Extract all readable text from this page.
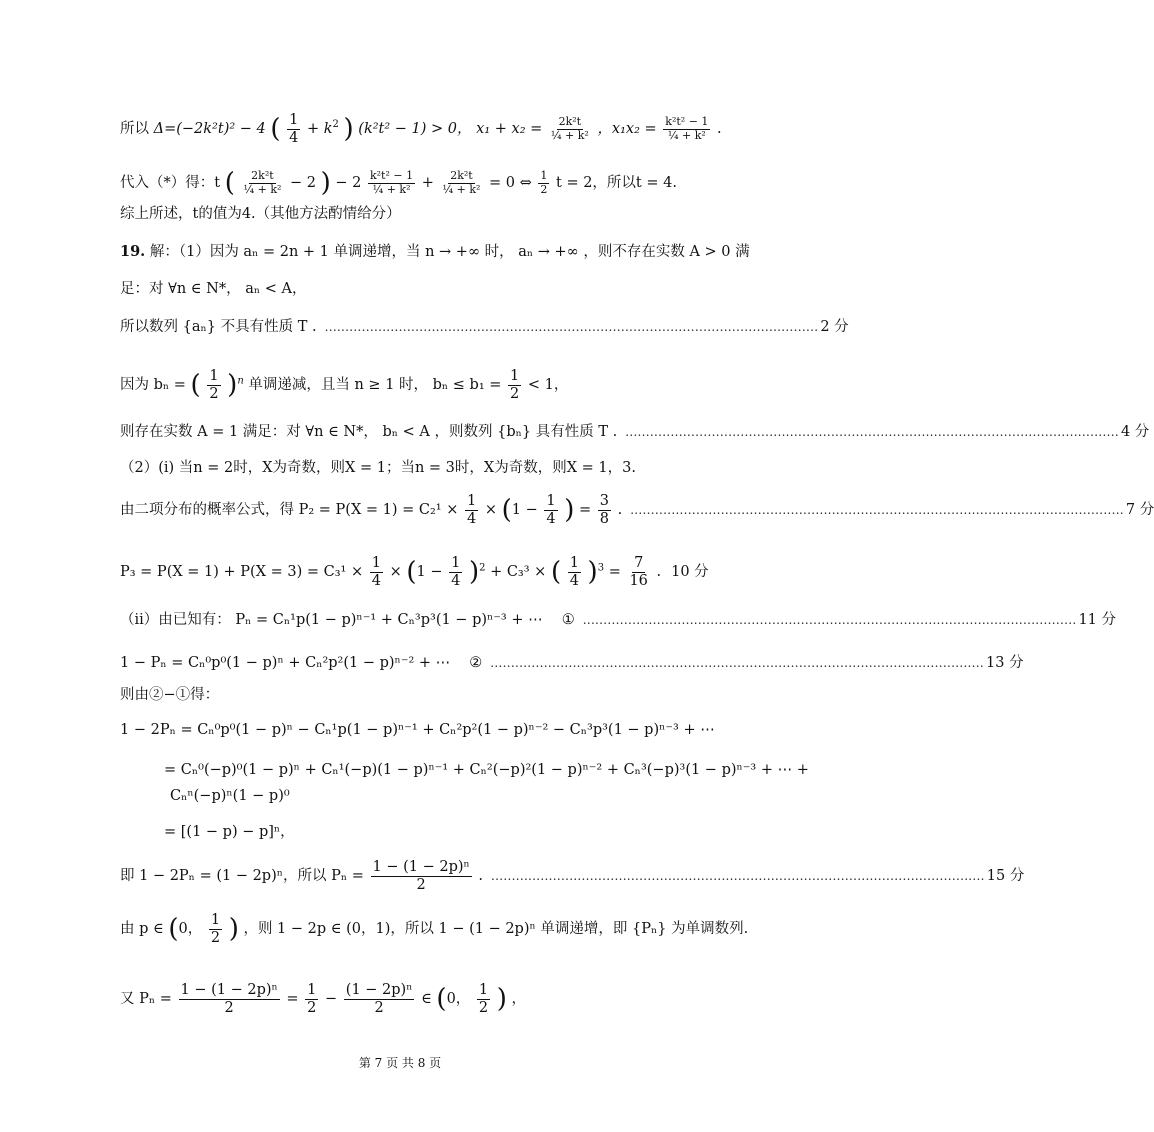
所以 Δ=(−2k²t)² − 4 ( $\frac{1}{4} + k^2$ ) (k²t² − 1) > 0， $x_1 + x_2 = \frac{\text{2k²t}}{\text{¼ + k²}}$ ，$x_1x_2 = \frac{\text{k²t² − 1}}{\text{¼ + k²}}$ .
代入（*）得：t ( $\frac{\text{2k²t}}{\text{¼ + k²}} - 2$ ) − $2 \frac{\text{k²t² − 1}}{\text{¼ + k²}} + \frac{\text{2k²t}}{\text{¼ + k²}} = 0$ ⇔ $\frac{1}{2}$ t = 2，所以t = 4.
综上所述，t的值为4.（其他方法酌情给分）
19. 解：（1）因为 aₙ = 2n + 1 单调递增，当 n → +∞ 时， aₙ → +∞ ，则不存在实数 A > 0 满
足：对 ∀n ∈ N*， aₙ < A，
所以数列 {aₙ} 不具有性质 T . ........................................................................................................................ 2 分
因为 bₙ = ( $\frac{1}{2} )^n$ 单调递减，且当 n ≥ 1 时， $b_n \le b_1 = \frac{1}{2} < 1$，
则存在实数 A = 1 满足：对 ∀n ∈ N*， bₙ < A ，则数列 {bₙ} 具有性质 T . ........................................................................................................................ 4 分
（2）(i) 当n = 2时，X为奇数，则X = 1；当n = 3时，X为奇数，则X = 1，3.
由二项分布的概率公式，得 $P_2 = P(X = 1) = C_2^1 \times \frac{1}{4} \times (1 - \frac{1}{4}$ ) = $\frac{3}{8}$ . ........................................................................................................................ 7 分
$P_3 = P(X = 1) + P(X = 3) = C_3^1 \times \frac{1}{4} \times (1 - \frac{1}{4} )^2 + C_3^3$ × ( $\frac{1}{4} )^3 = \frac{7}{16}$ . 10 分
（ii）由已知有： Pₙ = Cₙ¹p(1 − p)ⁿ⁻¹ + Cₙ³p³(1 − p)ⁿ⁻³ + ⋯　 ① ........................................................................................................................ 11 分
1 − Pₙ = Cₙ⁰p⁰(1 − p)ⁿ + Cₙ²p²(1 − p)ⁿ⁻² + ⋯　 ② ........................................................................................................................ 13 分
则由②−①得：
1 − 2Pₙ = Cₙ⁰p⁰(1 − p)ⁿ − Cₙ¹p(1 − p)ⁿ⁻¹ + Cₙ²p²(1 − p)ⁿ⁻² − Cₙ³p³(1 − p)ⁿ⁻³ + ⋯
= Cₙ⁰(−p)⁰(1 − p)ⁿ + Cₙ¹(−p)(1 − p)ⁿ⁻¹ + Cₙ²(−p)²(1 − p)ⁿ⁻² + Cₙ³(−p)³(1 − p)ⁿ⁻³ + ⋯ +
Cₙⁿ(−p)ⁿ(1 − p)⁰
= [(1 − p) − p]ⁿ，
即 1 − 2Pₙ = (1 − 2p)ⁿ，所以 $P_n = \frac{\text{1 − (1 − 2p)ⁿ}}{2}$ . ........................................................................................................................ 15 分
由 p ∈ (0， $\frac{1}{2}$ ) ，则 1 − 2p ∈ (0，1)，所以 1 − (1 − 2p)ⁿ 单调递增，即 {Pₙ} 为单调数列.
又 $P_n = \frac{\text{1 − (1 − 2p)ⁿ}}{2} = \frac{1}{2} - \frac{\text{(1 − 2p)ⁿ}}{2}$ ∈ (0， $\frac{1}{2}$ ) ，
第 7 页 共 8 页
